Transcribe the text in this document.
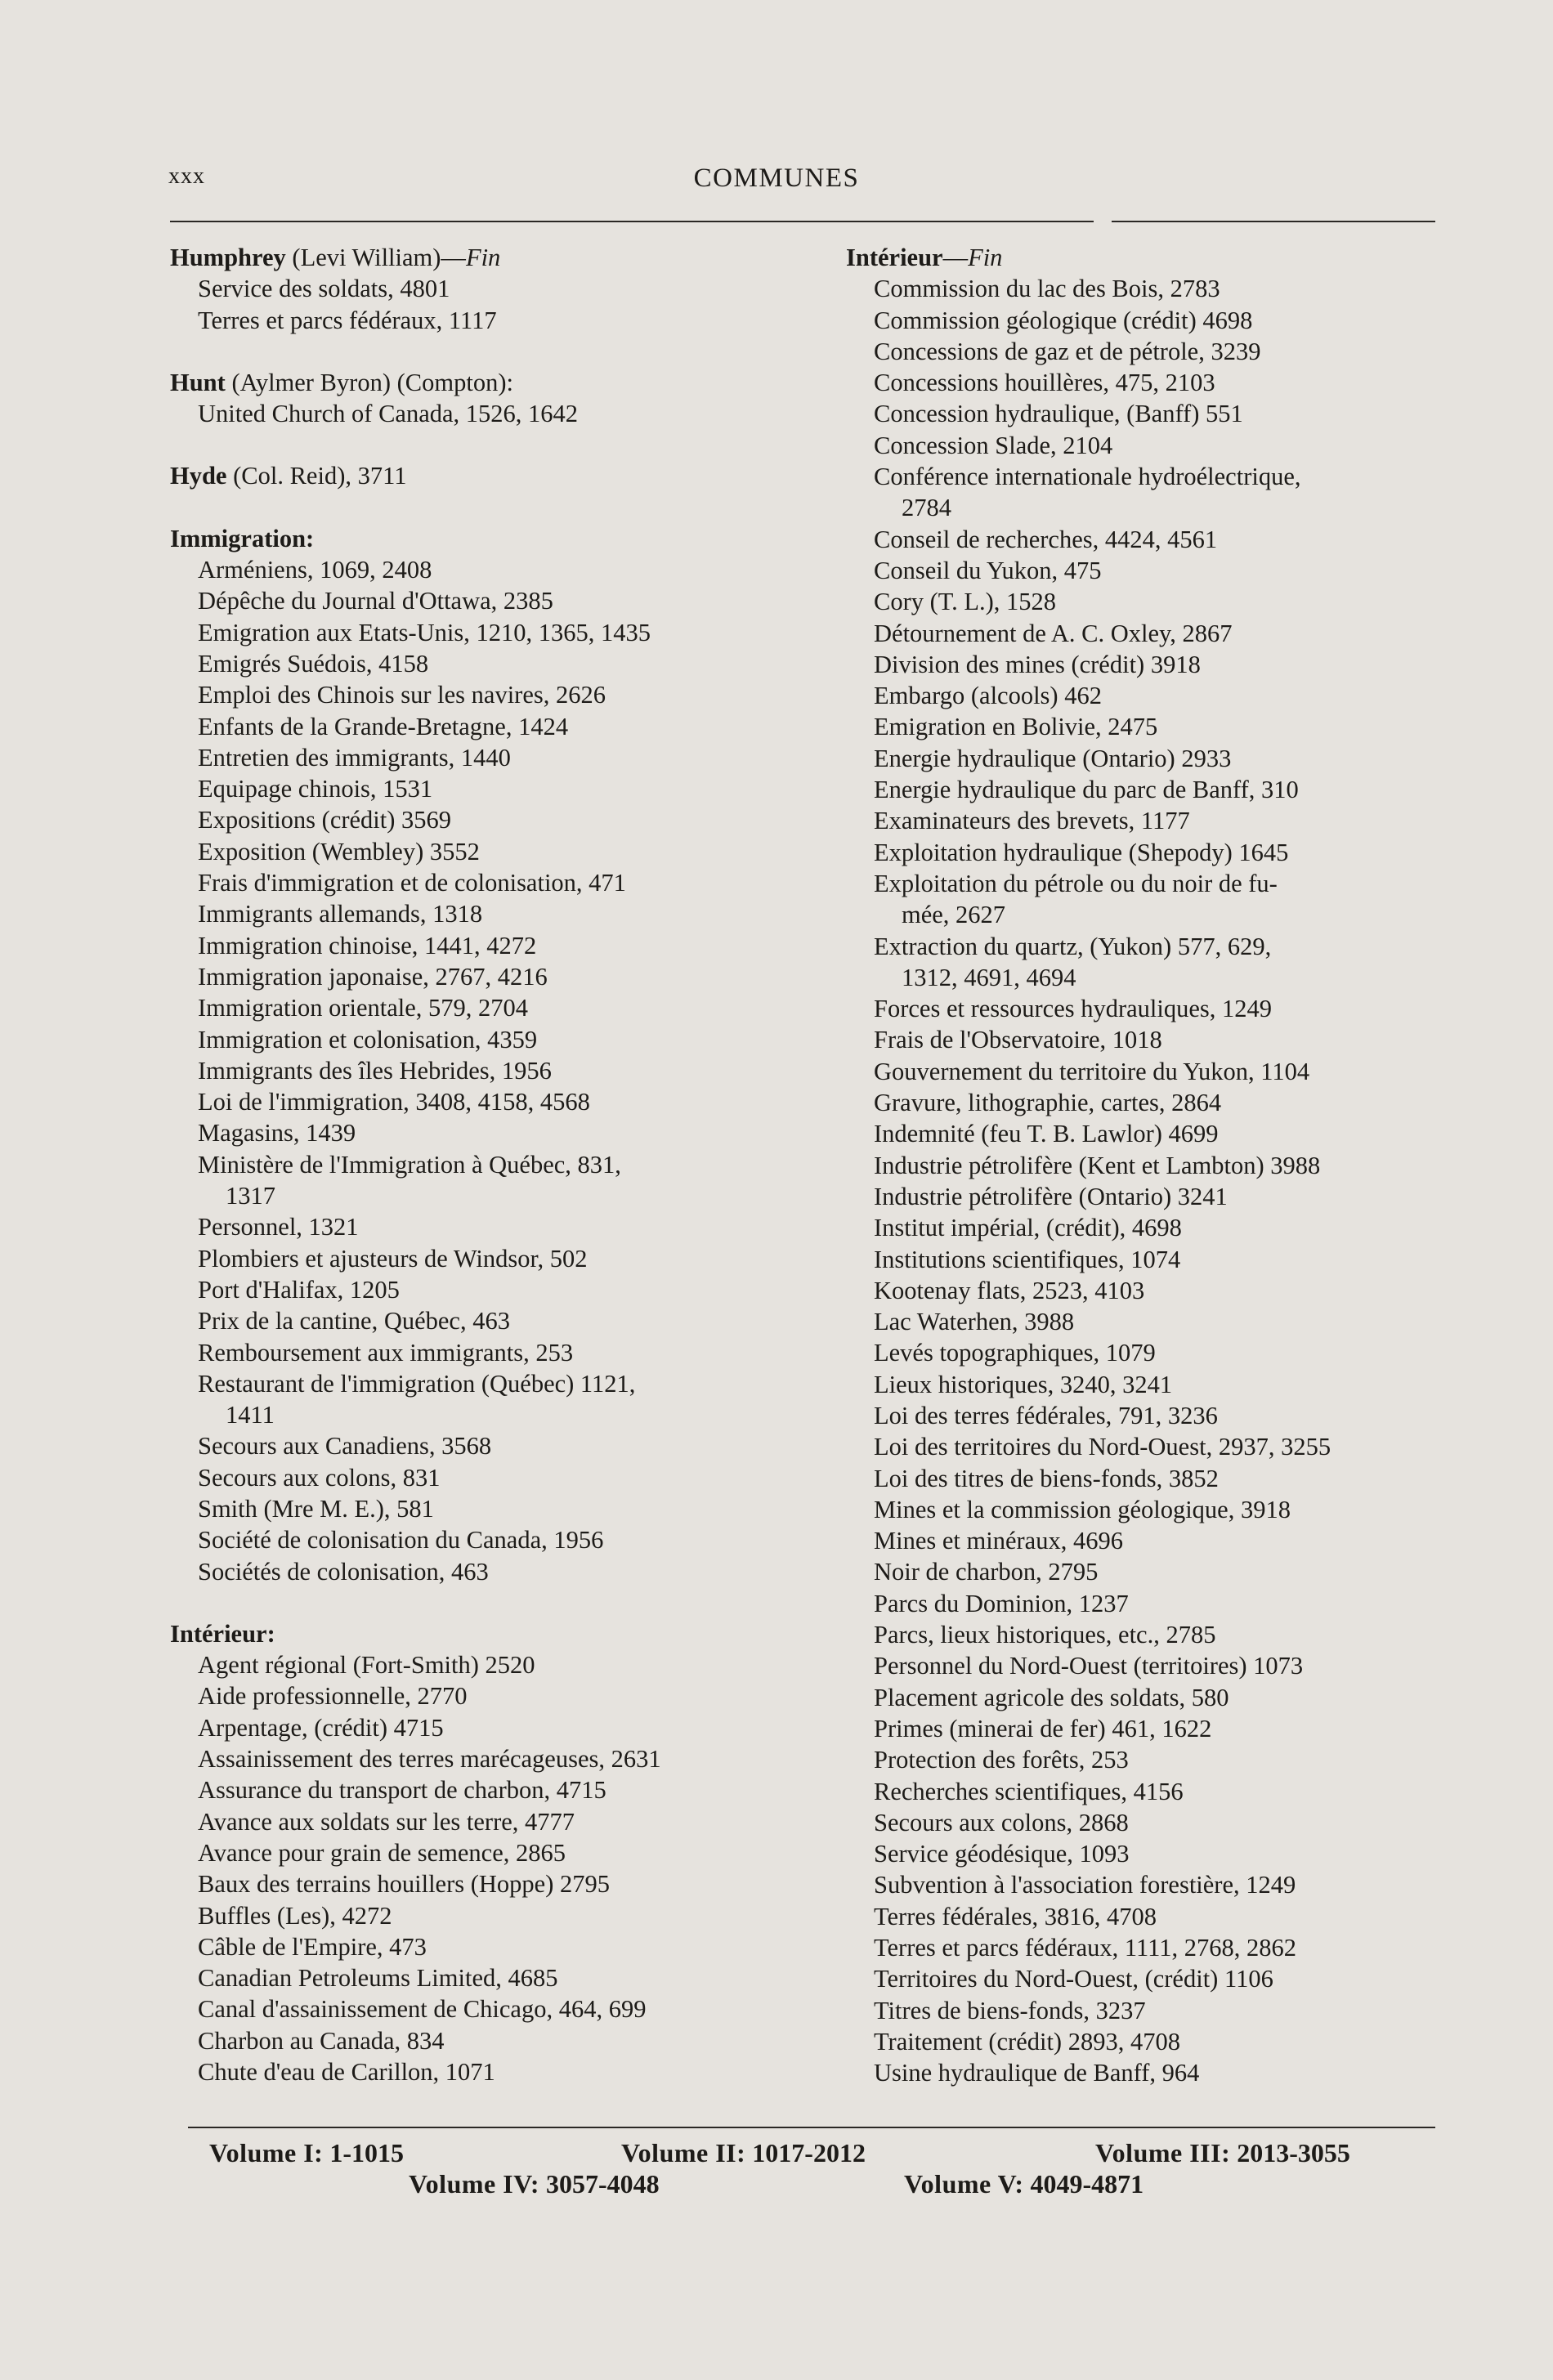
xxx	COMMUNES
Humphrey (Levi William)—Fin
Service des soldats, 4801
Terres et parcs fédéraux, 1117
Hunt (Aylmer Byron) (Compton):
United Church of Canada, 1526, 1642
Hyde (Col. Reid), 3711
Immigration:
Arméniens, 1069, 2408
Dépêche du Journal d'Ottawa, 2385
Emigration aux Etats-Unis, 1210, 1365, 1435
Emigrés Suédois, 4158
Emploi des Chinois sur les navires, 2626
Enfants de la Grande-Bretagne, 1424
Entretien des immigrants, 1440
Equipage chinois, 1531
Expositions (crédit) 3569
Exposition (Wembley) 3552
Frais d'immigration et de colonisation, 471
Immigrants allemands, 1318
Immigration chinoise, 1441, 4272
Immigration japonaise, 2767, 4216
Immigration orientale, 579, 2704
Immigration et colonisation, 4359
Immigrants des îles Hebrides, 1956
Loi de l'immigration, 3408, 4158, 4568
Magasins, 1439
Ministère de l'Immigration à Québec, 831,
1317
Personnel, 1321
Plombiers et ajusteurs de Windsor, 502
Port d'Halifax, 1205
Prix de la cantine, Québec, 463
Remboursement aux immigrants, 253
Restaurant de l'immigration (Québec) 1121,
1411
Secours aux Canadiens, 3568
Secours aux colons, 831
Smith (Mre M. E.), 581
Société de colonisation du Canada, 1956
Sociétés de colonisation, 463
Intérieur:
Agent régional (Fort-Smith) 2520
Aide professionnelle, 2770
Arpentage, (crédit) 4715
Assainissement des terres marécageuses, 2631
Assurance du transport de charbon, 4715
Avance aux soldats sur les terre, 4777
Avance pour grain de semence, 2865
Baux des terrains houillers (Hoppe) 2795
Buffles (Les), 4272
Câble de l'Empire, 473
Canadian Petroleums Limited, 4685
Canal d'assainissement de Chicago, 464, 699
Charbon au Canada, 834
Chute d'eau de Carillon, 1071
Intérieur—Fin
Commission du lac des Bois, 2783
Commission géologique (crédit) 4698
Concessions de gaz et de pétrole, 3239
Concessions houillères, 475, 2103
Concession hydraulique, (Banff) 551
Concession Slade, 2104
Conférence internationale hydroélectrique,
2784
Conseil de recherches, 4424, 4561
Conseil du Yukon, 475
Cory (T. L.), 1528
Détournement de A. C. Oxley, 2867
Division des mines (crédit) 3918
Embargo (alcools) 462
Emigration en Bolivie, 2475
Energie hydraulique (Ontario) 2933
Energie hydraulique du parc de Banff, 310
Examinateurs des brevets, 1177
Exploitation hydraulique (Shepody) 1645
Exploitation du pétrole ou du noir de fu-
mée, 2627
Extraction du quartz, (Yukon) 577, 629,
1312, 4691, 4694
Forces et ressources hydrauliques, 1249
Frais de l'Observatoire, 1018
Gouvernement du territoire du Yukon, 1104
Gravure, lithographie, cartes, 2864
Indemnité (feu T. B. Lawlor) 4699
Industrie pétrolifère (Kent et Lambton) 3988
Industrie pétrolifère (Ontario) 3241
Institut impérial, (crédit), 4698
Institutions scientifiques, 1074
Kootenay flats, 2523, 4103
Lac Waterhen, 3988
Levés topographiques, 1079
Lieux historiques, 3240, 3241
Loi des terres fédérales, 791, 3236
Loi des territoires du Nord-Ouest, 2937, 3255
Loi des titres de biens-fonds, 3852
Mines et la commission géologique, 3918
Mines et minéraux, 4696
Noir de charbon, 2795
Parcs du Dominion, 1237
Parcs, lieux historiques, etc., 2785
Personnel du Nord-Ouest (territoires) 1073
Placement agricole des soldats, 580
Primes (minerai de fer) 461, 1622
Protection des forêts, 253
Recherches scientifiques, 4156
Secours aux colons, 2868
Service géodésique, 1093
Subvention à l'association forestière, 1249
Terres fédérales, 3816, 4708
Terres et parcs fédéraux, 1111, 2768, 2862
Territoires du Nord-Ouest, (crédit) 1106
Titres de biens-fonds, 3237
Traitement (crédit) 2893, 4708
Usine hydraulique de Banff, 964
Volume I: 1-1015	Volume II: 1017-2012	Volume III: 2013-3055
Volume IV: 3057-4048	Volume V: 4049-4871
